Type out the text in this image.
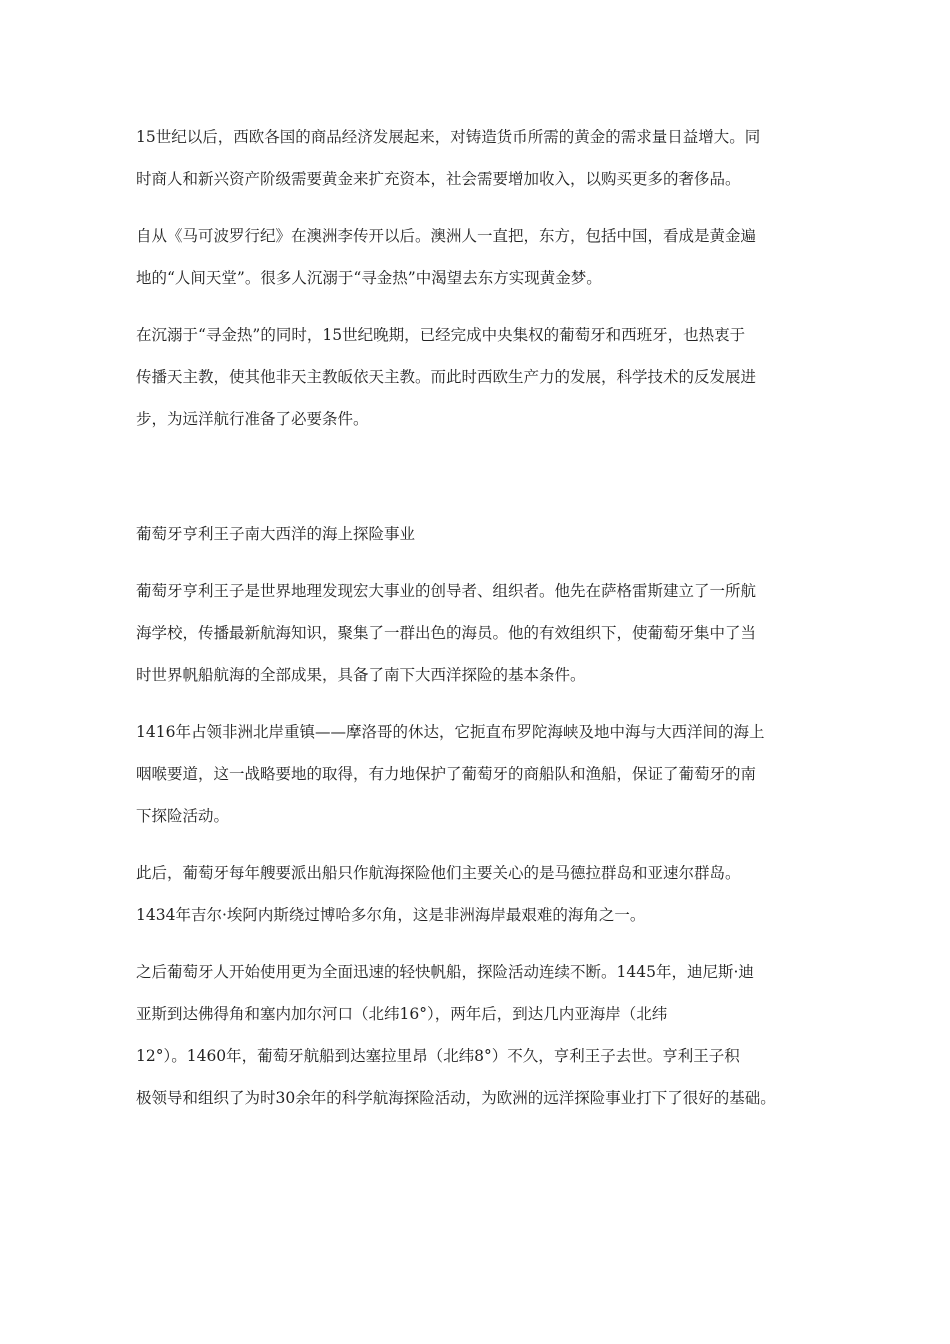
15世纪以后，西欧各国的商品经济发展起来，对铸造货币所需的黄金的需求量日益增大。同

时商人和新兴资产阶级需要黄金来扩充资本，社会需要增加收入，以购买更多的奢侈品。

自从《马可波罗行纪》在澳洲李传开以后。澳洲人一直把，东方，包括中国，看成是黄金遍

地的“人间天堂”。很多人沉溺于“寻金热”中渴望去东方实现黄金梦。

在沉溺于“寻金热”的同时，15世纪晚期，已经完成中央集权的葡萄牙和西班牙，也热衷于

传播天主教，使其他非天主教皈依天主教。而此时西欧生产力的发展，科学技术的反发展进

步，为远洋航行准备了必要条件。

葡萄牙亨利王子南大西洋的海上探险事业

葡萄牙亨利王子是世界地理发现宏大事业的创导者、组织者。他先在萨格雷斯建立了一所航

海学校，传播最新航海知识，聚集了一群出色的海员。他的有效组织下，使葡萄牙集中了当

时世界帆船航海的全部成果，具备了南下大西洋探险的基本条件。

1416年占领非洲北岸重镇——摩洛哥的休达，它扼直布罗陀海峡及地中海与大西洋间的海上

咽喉要道，这一战略要地的取得，有力地保护了葡萄牙的商船队和渔船，保证了葡萄牙的南

下探险活动。

此后，葡萄牙每年艘要派出船只作航海探险他们主要关心的是马德拉群岛和亚速尔群岛。

1434年吉尔·埃阿内斯绕过博哈多尔角，这是非洲海岸最艰难的海角之一。

之后葡萄牙人开始使用更为全面迅速的轻快帆船，探险活动连续不断。1445年，迪尼斯·迪

亚斯到达佛得角和塞内加尔河口（北纬16°），两年后，到达几内亚海岸（北纬

12°）。1460年，葡萄牙航船到达塞拉里昂（北纬8°）不久，亨利王子去世。亨利王子积

极领导和组织了为时30余年的科学航海探险活动，为欧洲的远洋探险事业打下了很好的基础。
